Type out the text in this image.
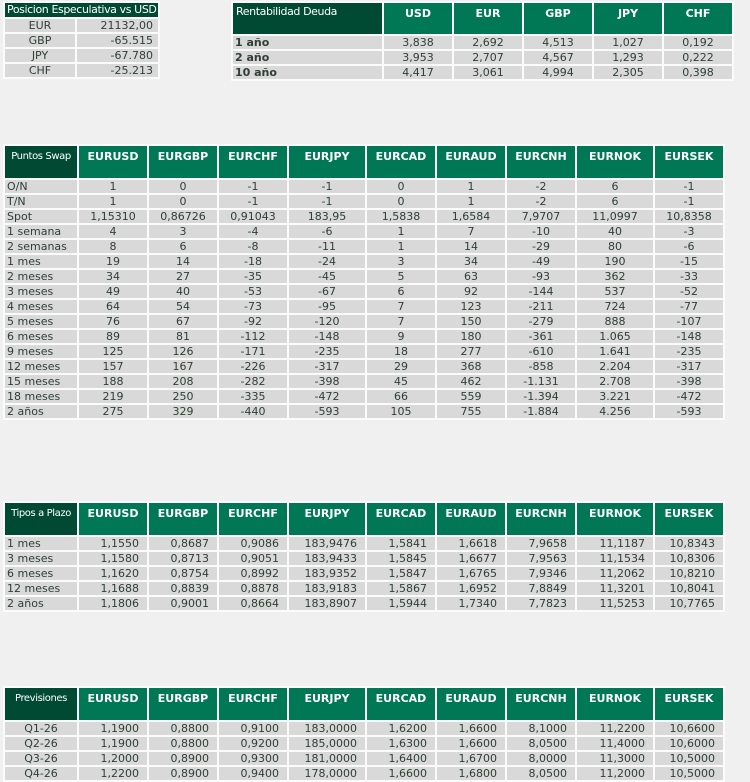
Posicion Especulativa vs USD	
EUR	21132,00
GBP	-65.515
JPY	-67.780
CHF	-25.213
Rentabilidad Deuda	USD	EUR	GBP	JPY	CHF
1 año	3,838	2,692	4,513	1,027	0,192
2 año	3,953	2,707	4,567	1,293	0,222
10 año	4,417	3,061	4,994	2,305	0,398
Puntos Swap	EURUSD	EURGBP	EURCHF	EURJPY	EURCAD	EURAUD	EURCNH	EURNOK	EURSEK
O/N	1	0	-1	-1	0	1	-2	6	-1
T/N	1	0	-1	-1	0	1	-2	6	-1
Spot	1,15310	0,86726	0,91043	183,95	1,5838	1,6584	7,9707	11,0997	10,8358
1 semana	4	3	-4	-6	1	7	-10	40	-3
2 semanas	8	6	-8	-11	1	14	-29	80	-6
1 mes	19	14	-18	-24	3	34	-49	190	-15
2 meses	34	27	-35	-45	5	63	-93	362	-33
3 meses	49	40	-53	-67	6	92	-144	537	-52
4 meses	64	54	-73	-95	7	123	-211	724	-77
5 meses	76	67	-92	-120	7	150	-279	888	-107
6 meses	89	81	-112	-148	9	180	-361	1.065	-148
9 meses	125	126	-171	-235	18	277	-610	1.641	-235
12 meses	157	167	-226	-317	29	368	-858	2.204	-317
15 meses	188	208	-282	-398	45	462	-1.131	2.708	-398
18 meses	219	250	-335	-472	66	559	-1.394	3.221	-472
2 años	275	329	-440	-593	105	755	-1.884	4.256	-593
Tipos a Plazo	EURUSD	EURGBP	EURCHF	EURJPY	EURCAD	EURAUD	EURCNH	EURNOK	EURSEK
1 mes	1,1550	0,8687	0,9086	183,9476	1,5841	1,6618	7,9658	11,1187	10,8343
3 meses	1,1580	0,8713	0,9051	183,9433	1,5845	1,6677	7,9563	11,1534	10,8306
6 meses	1,1620	0,8754	0,8992	183,9352	1,5847	1,6765	7,9346	11,2062	10,8210
12 meses	1,1688	0,8839	0,8878	183,9183	1,5867	1,6952	7,8849	11,3201	10,8041
2 años	1,1806	0,9001	0,8664	183,8907	1,5944	1,7340	7,7823	11,5253	10,7765
Previsiones	EURUSD	EURGBP	EURCHF	EURJPY	EURCAD	EURAUD	EURCNH	EURNOK	EURSEK
Q1-26	1,1900	0,8800	0,9100	183,0000	1,6200	1,6600	8,1000	11,2200	10,6600
Q2-26	1,1900	0,8800	0,9200	185,0000	1,6300	1,6600	8,0500	11,4000	10,6000
Q3-26	1,2000	0,8900	0,9300	181,0000	1,6400	1,6700	8,0000	11,3000	10,5000
Q4-26	1,2200	0,8900	0,9400	178,0000	1,6600	1,6800	8,0500	11,2000	10,5000
